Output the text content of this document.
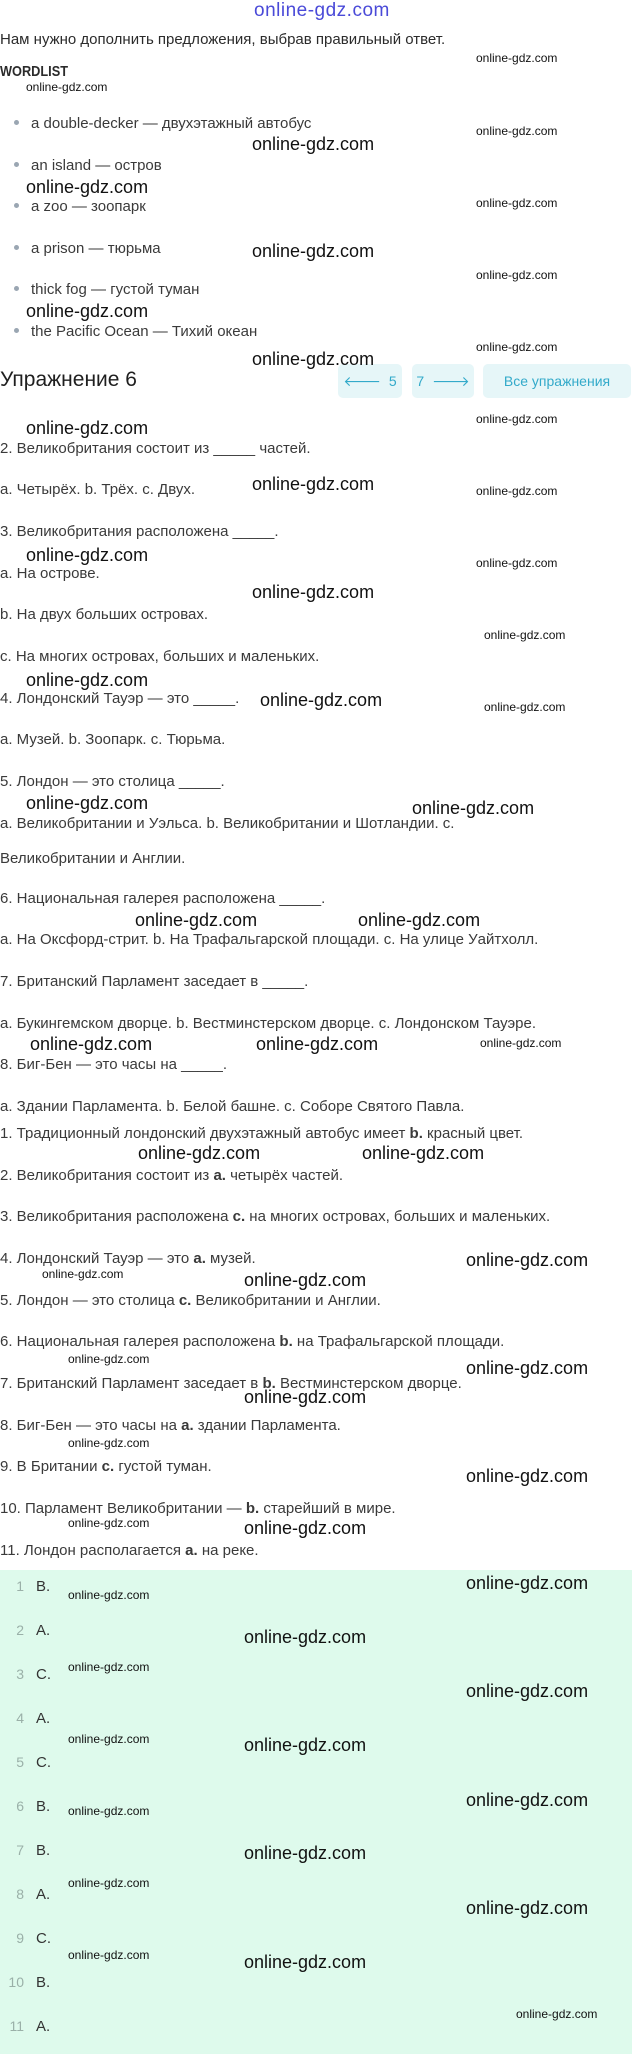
online-gdz.com
Нам нужно дополнить предложения, выбрав правильный ответ.
WORDLIST
a double-decker — двухэтажный автобус
an island — остров
a zoo — зоопарк
a prison — тюрьма
thick fog — густой туман
the Pacific Ocean — Тихий океан
Упражнение 6	🡐 5 7 🡒 Все упражнения
2. Великобритания состоит из _____ частей.
a. Четырёх. b. Трёх. c. Двух.
3. Великобритания расположена _____.
a. На острове.
b. На двух больших островах.
c. На многих островах, больших и маленьких.
4. Лондонский Тауэр — это _____.
a. Музей. b. Зоопарк. c. Тюрьма.
5. Лондон — это столица _____.
a. Великобритании и Уэльса. b. Великобритании и Шотландии. c.
Великобритании и Англии.
6. Национальная галерея расположена _____.
a. На Оксфорд-стрит. b. На Трафальгарской площади. c. На улице Уайтхолл.
7. Британский Парламент заседает в _____.
a. Букингемском дворце. b. Вестминстерском дворце. c. Лондонском Тауэре.
8. Биг-Бен — это часы на _____.
a. Здании Парламента. b. Белой башне. c. Соборе Святого Павла.
1. Традиционный лондонский двухэтажный автобус имеет b. красный цвет.
2. Великобритания состоит из a. четырёх частей.
3. Великобритания расположена c. на многих островах, больших и маленьких.
4. Лондонский Тауэр — это a. музей.
5. Лондон — это столица c. Великобритании и Англии.
6. Национальная галерея расположена b. на Трафальгарской площади.
7. Британский Парламент заседает в b. Вестминстерском дворце.
8. Биг-Бен — это часы на a. здании Парламента.
9. В Британии c. густой туман.
10. Парламент Великобритании — b. старейший в мире.
11. Лондон располагается a. на реке.
1 B.
2 A.
3 C.
4 A.
5 C.
6 B.
7 B.
8 A.
9 C.
10 B.
11 A.
online-gdz.com
online-gdz.com
online-gdz.com
online-gdz.com
online-gdz.com
online-gdz.com
online-gdz.com
online-gdz.com
online-gdz.com
online-gdz.com
online-gdz.com
online-gdz.com
online-gdz.com
online-gdz.com	online-gdz.com
online-gdz.com	online-gdz.com
online-gdz.com
online-gdz.com
online-gdz.com
online-gdz.com
online-gdz.com
online-gdz.com	online-gdz.com
online-gdz.com	online-gdz.com
online-gdz.com	online-gdz.com	online-gdz.com
online-gdz.com	online-gdz.com
online-gdz.com
online-gdz.com	online-gdz.com
online-gdz.com	online-gdz.com
online-gdz.com
online-gdz.com
online-gdz.com
online-gdz.com
online-gdz.com
online-gdz.com
online-gdz.com
online-gdz.com
online-gdz.com
online-gdz.com
online-gdz.com	online-gdz.com
online-gdz.com
online-gdz.com
online-gdz.com
online-gdz.com
online-gdz.com
online-gdz.com	online-gdz.com
online-gdz.com
